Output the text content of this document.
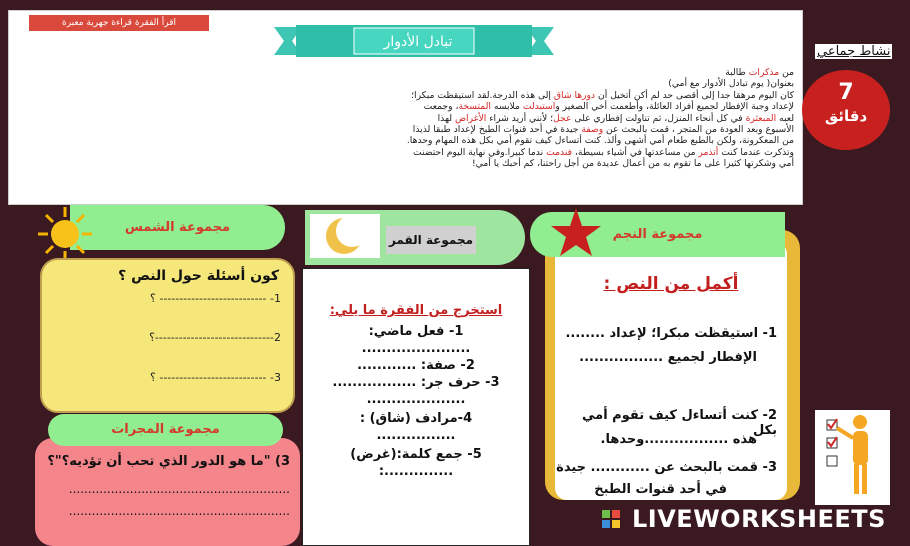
اقرأ الفقرة قراءة جهرية معبرة
تبادل الأدوار
من مذكرات طالبة
بعنوان( يوم تبادل الأدوار مع أمي)
كان اليوم مرهقا جدا إلى أقصى حد لم أكن أتخيل أن دورها شاق إلى هذه الدرجة.لقد استيقظت مبكرا؛
لإعداد وجبة الإفطار لجميع أفراد العائلة، وأطعمت أخي الصغير واستبدلت ملابسه المتسخة، وجمعت
لعبه المبعثرة في كل أنحاء المنزل، ثم تناولت إفطاري على عجل؛ لأنني أريد شراء الأغراض لهذا
الأسبوع وبعد العودة من المتجر ، قمت بالبحث عن وصفة جيدة في أحد قنوات الطبخ لإعداد طبقا لذيذا
من المعكرونة، ولكن بالطبع طعام أمي أشهى وألذ. كنت أتساءل كيف تقوم أمي بكل هذه المهام وحدها.
وتذكرت عندما كنت أتذمر من مساعدتها في أشياء بسيطة، فندمت ندما كبيرا.وفي نهاية اليوم احتضنت
أمي وشكرتها كثيرا على ما تقوم به من أعمال عديدة من أجل راحتنا، كم أحبك يا أمي!
نشاط جماعي
7
دقائق
مجموعة الشمس
كون أسئلة حول النص ؟
1- --------------------------- ؟
2------------------------------؟
3- --------------------------- ؟
مجموعة القمر
استخرج من الفقرة ما يلي:
1- فعل ماضي:
......................
2- صفة: ............
3- حرف جر: .................
....................
4-مرادف (شاق) :
................
5- جمع كلمة:(غرض)
..............:
أكمل من النص :
1- استيقظت مبكرا؛ لإعداد ........
الإفطار لجميع .................
2- كنت أتساءل كيف تقوم أمي بكل
هذه .................وحدها.
3- قمت بالبحث عن ............ جيدة
في أحد قنوات الطبخ
مجموعة النجم
3) "ما هو الدور الذي تحب أن تؤديه؟"؟
..........................................................
..........................................................
مجموعة المجرات
LIVEWORKSHEETS
